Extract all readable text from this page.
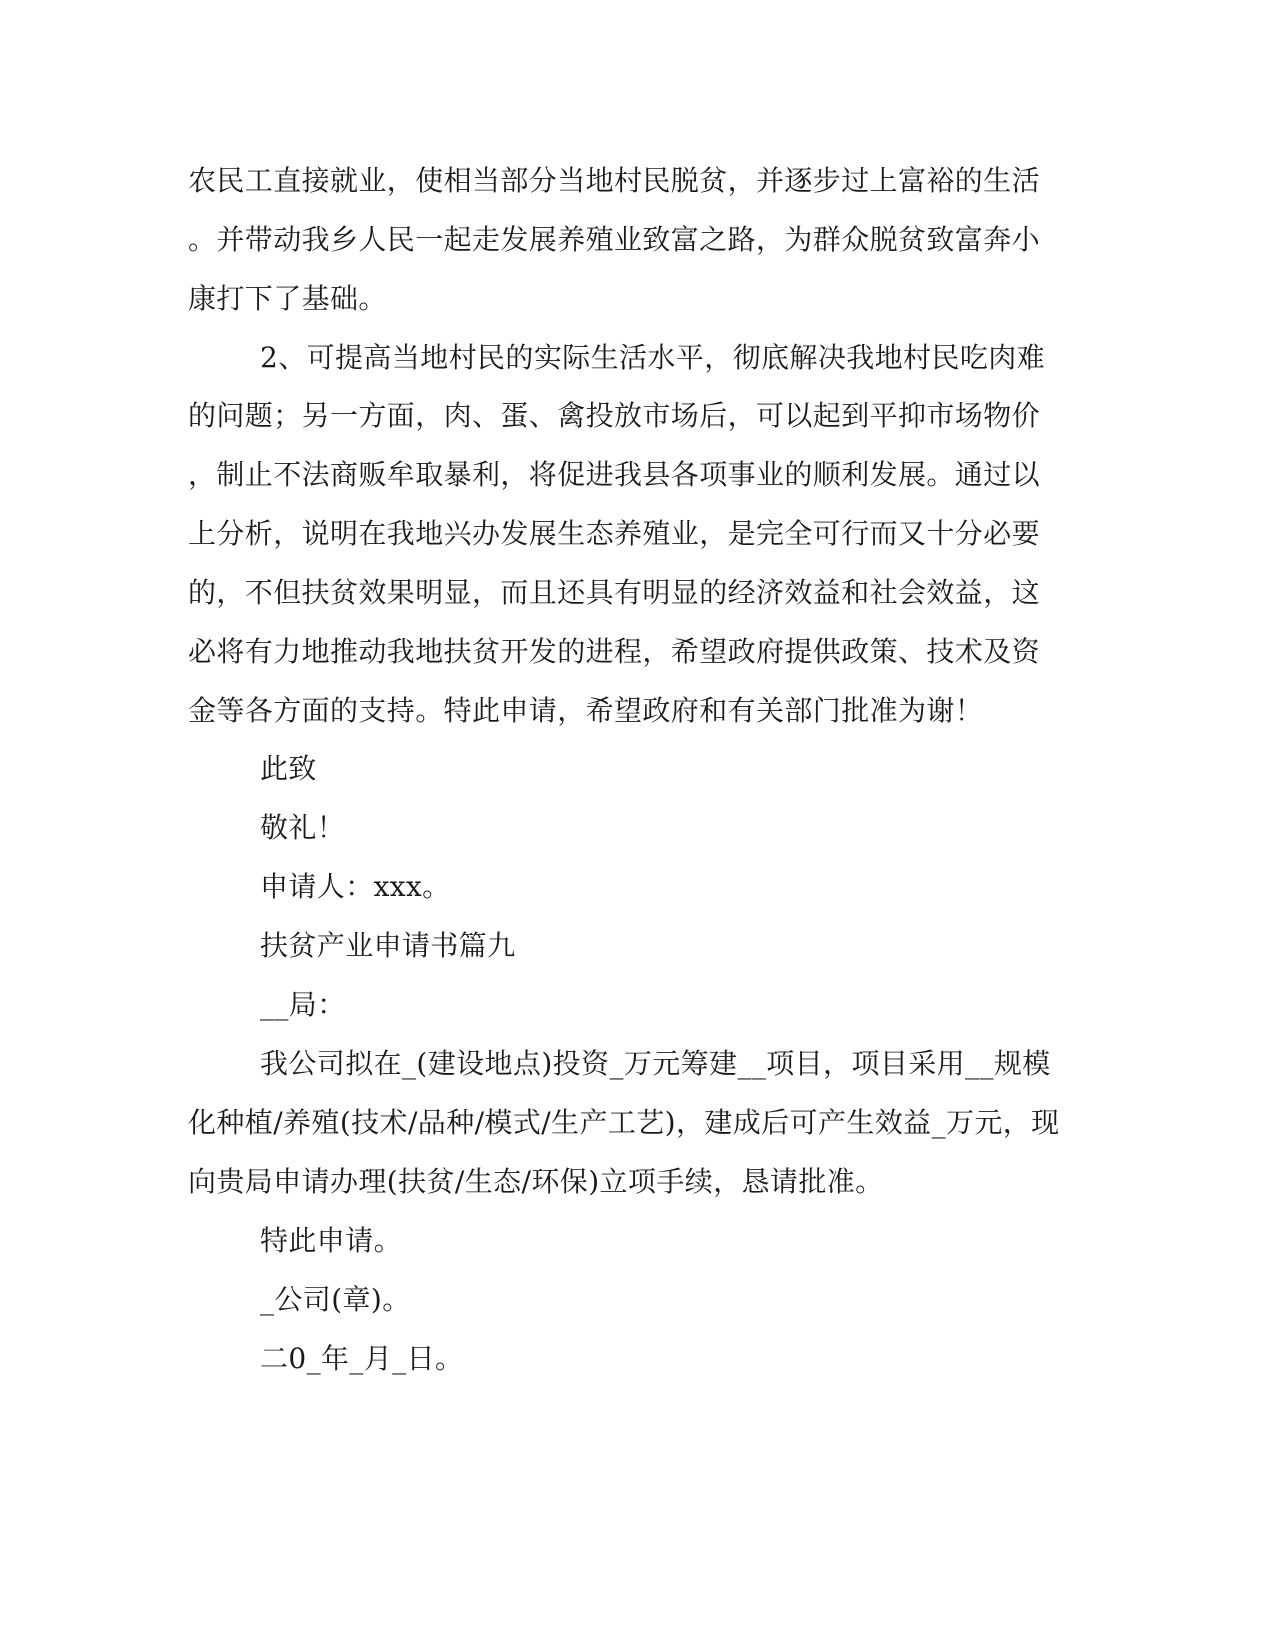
农民工直接就业，使相当部分当地村民脱贫，并逐步过上富裕的生活
。并带动我乡人民一起走发展养殖业致富之路，为群众脱贫致富奔小
康打下了基础。
2、可提高当地村民的实际生活水平，彻底解决我地村民吃肉难
的问题；另一方面，肉、蛋、禽投放市场后，可以起到平抑市场物价
，制止不法商贩牟取暴利，将促进我县各项事业的顺利发展。通过以
上分析，说明在我地兴办发展生态养殖业，是完全可行而又十分必要
的，不但扶贫效果明显，而且还具有明显的经济效益和社会效益，这
必将有力地推动我地扶贫开发的进程，希望政府提供政策、技术及资
金等各方面的支持。特此申请，希望政府和有关部门批准为谢！
此致
敬礼！
申请人：xxx。
扶贫产业申请书篇九
__局：
我公司拟在_(建设地点)投资_万元筹建__项目，项目采用__规模
化种植/养殖(技术/品种/模式/生产工艺)，建成后可产生效益_万元，现
向贵局申请办理(扶贫/生态/环保)立项手续，恳请批准。
特此申请。
_公司(章)。
二0_年_月_日。
